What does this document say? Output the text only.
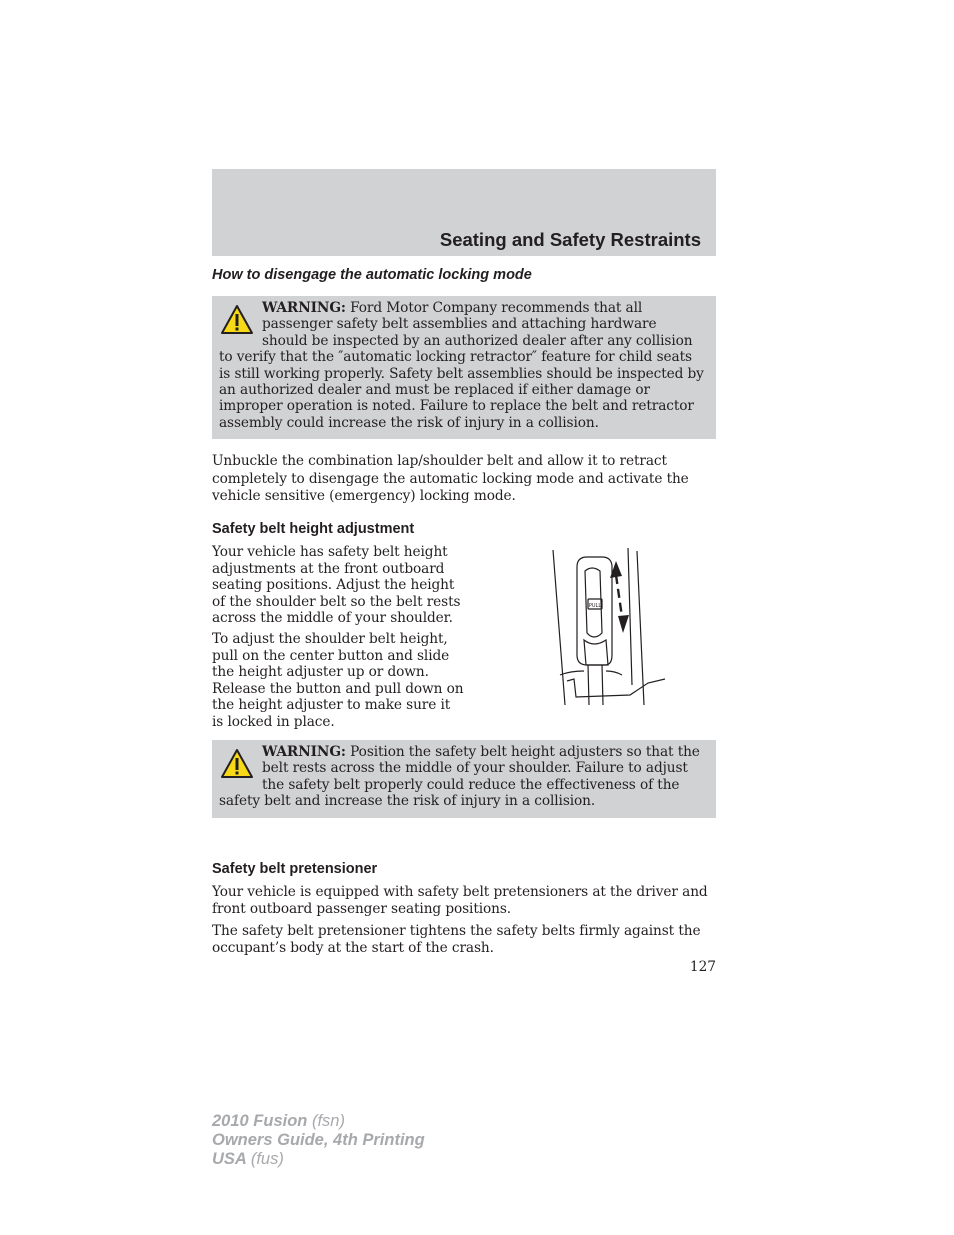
Seating and Safety Restraints
How to disengage the automatic locking mode

WARNING: Ford Motor Company recommends that all passenger safety belt assemblies and attaching hardware should be inspected by an authorized dealer after any collision to verify that the ″automatic locking retractor″ feature for child seats is still working properly. Safety belt assemblies should be inspected by an authorized dealer and must be replaced if either damage or improper operation is noted. Failure to replace the belt and retractor assembly could increase the risk of injury in a collision.

Unbuckle the combination lap/shoulder belt and allow it to retract completely to disengage the automatic locking mode and activate the vehicle sensitive (emergency) locking mode.

Safety belt height adjustment

Your vehicle has safety belt height adjustments at the front outboard seating positions. Adjust the height of the shoulder belt so the belt rests across the middle of your shoulder.

To adjust the shoulder belt height, pull on the center button and slide the height adjuster up or down. Release the button and pull down on the height adjuster to make sure it is locked in place.

PULL

WARNING: Position the safety belt height adjusters so that the belt rests across the middle of your shoulder. Failure to adjust the safety belt properly could reduce the effectiveness of the safety belt and increase the risk of injury in a collision.

Safety belt pretensioner

Your vehicle is equipped with safety belt pretensioners at the driver and front outboard passenger seating positions.

The safety belt pretensioner tightens the safety belts firmly against the occupant’s body at the start of the crash.

127

2010 Fusion (fsn)
Owners Guide, 4th Printing
USA (fus)
